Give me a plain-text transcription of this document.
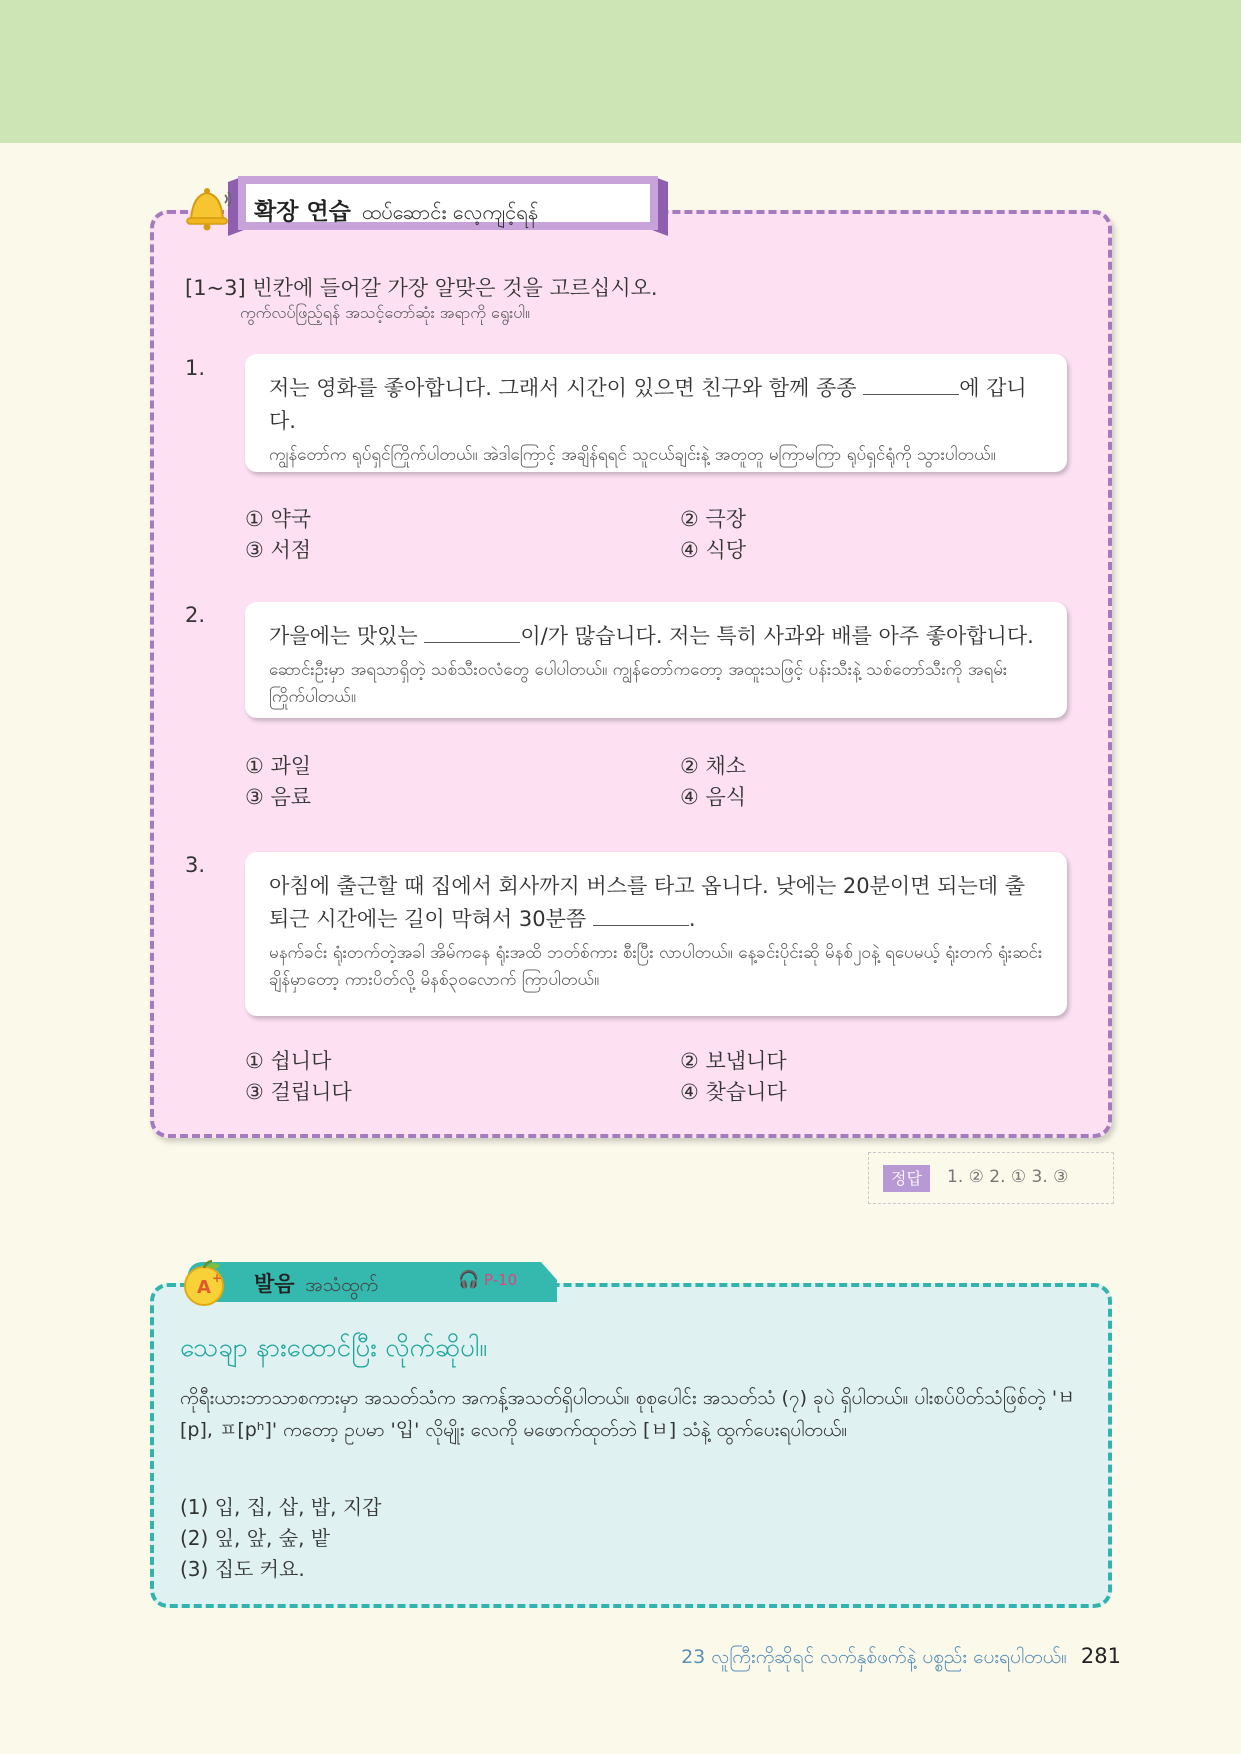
확장 연습 ထပ်ဆောင်း လေ့ကျင့်ရန်
[1~3] 빈칸에 들어갈 가장 알맞은 것을 고르십시오.
ကွက်လပ်ဖြည့်ရန် အသင့်တော်ဆုံး အရာကို ရွေးပါ။
1.
저는 영화를 좋아합니다. 그래서 시간이 있으면 친구와 함께 종종	에 갑니다.
ကျွန်တော်က ရုပ်ရှင်ကြိုက်ပါတယ်။ အဲဒါကြောင့် အချိန်ရရင် သူငယ်ချင်းနဲ့ အတူတူ မကြာမကြာ ရုပ်ရှင်ရုံကို သွားပါတယ်။
① 약국	② 극장
③ 서점	④ 식당
2.
가을에는 맛있는	이/가 많습니다. 저는 특히 사과와 배를 아주 좋아합니다.
ဆောင်းဦးမှာ အရသာရှိတဲ့ သစ်သီးဝလံတွေ ပေါပါတယ်။ ကျွန်တော်ကတော့ အထူးသဖြင့် ပန်းသီးနဲ့ သစ်တော်သီးကို အရမ်း ကြိုက်ပါတယ်။
① 과일	② 채소
③ 음료	④ 음식
3.
아침에 출근할 때 집에서 회사까지 버스를 타고 옵니다. 낮에는 20분이면 되는데 출퇴근 시간에는 길이 막혀서 30분쯤	.
မနက်ခင်း ရုံးတက်တဲ့အခါ အိမ်ကနေ ရုံးအထိ ဘတ်စ်ကား စီးပြီး လာပါတယ်။ နေ့ခင်းပိုင်းဆို မိနစ်၂၀နဲ့ ရပေမယ့် ရုံးတက် ရုံးဆင်းချိန်မှာတော့ ကားပိတ်လို့ မိနစ်၃၀လောက် ကြာပါတယ်။
① 쉽니다	② 보냅니다
③ 걸립니다	④ 찾습니다
정답	1. ② 2. ① 3. ③
A + 발음 အသံထွက်	🎧 P-10
သေချာ နားထောင်ပြီး လိုက်ဆိုပါ။
ကိုရီးယားဘာသာစကားမှာ အသတ်သံက အကန့်အသတ်ရှိပါတယ်။ စုစုပေါင်း အသတ်သံ (၇) ခုပဲ ရှိပါတယ်။ ပါးစပ်ပိတ်သံဖြစ်တဲ့ 'ㅂ[p], ㅍ[pʰ]' ကတော့ ဥပမာ '입' လိုမျိုး လေကို မဖောက်ထုတ်ဘဲ [ㅂ] သံနဲ့ ထွက်ပေးရပါတယ်။
(1) 입, 집, 삽, 밥, 지갑
(2) 잎, 앞, 숲, 밭
(3) 집도 커요.
23 လူကြီးကိုဆိုရင် လက်နှစ်ဖက်နဲ့ ပစ္စည်း ပေးရပါတယ်။ 281
